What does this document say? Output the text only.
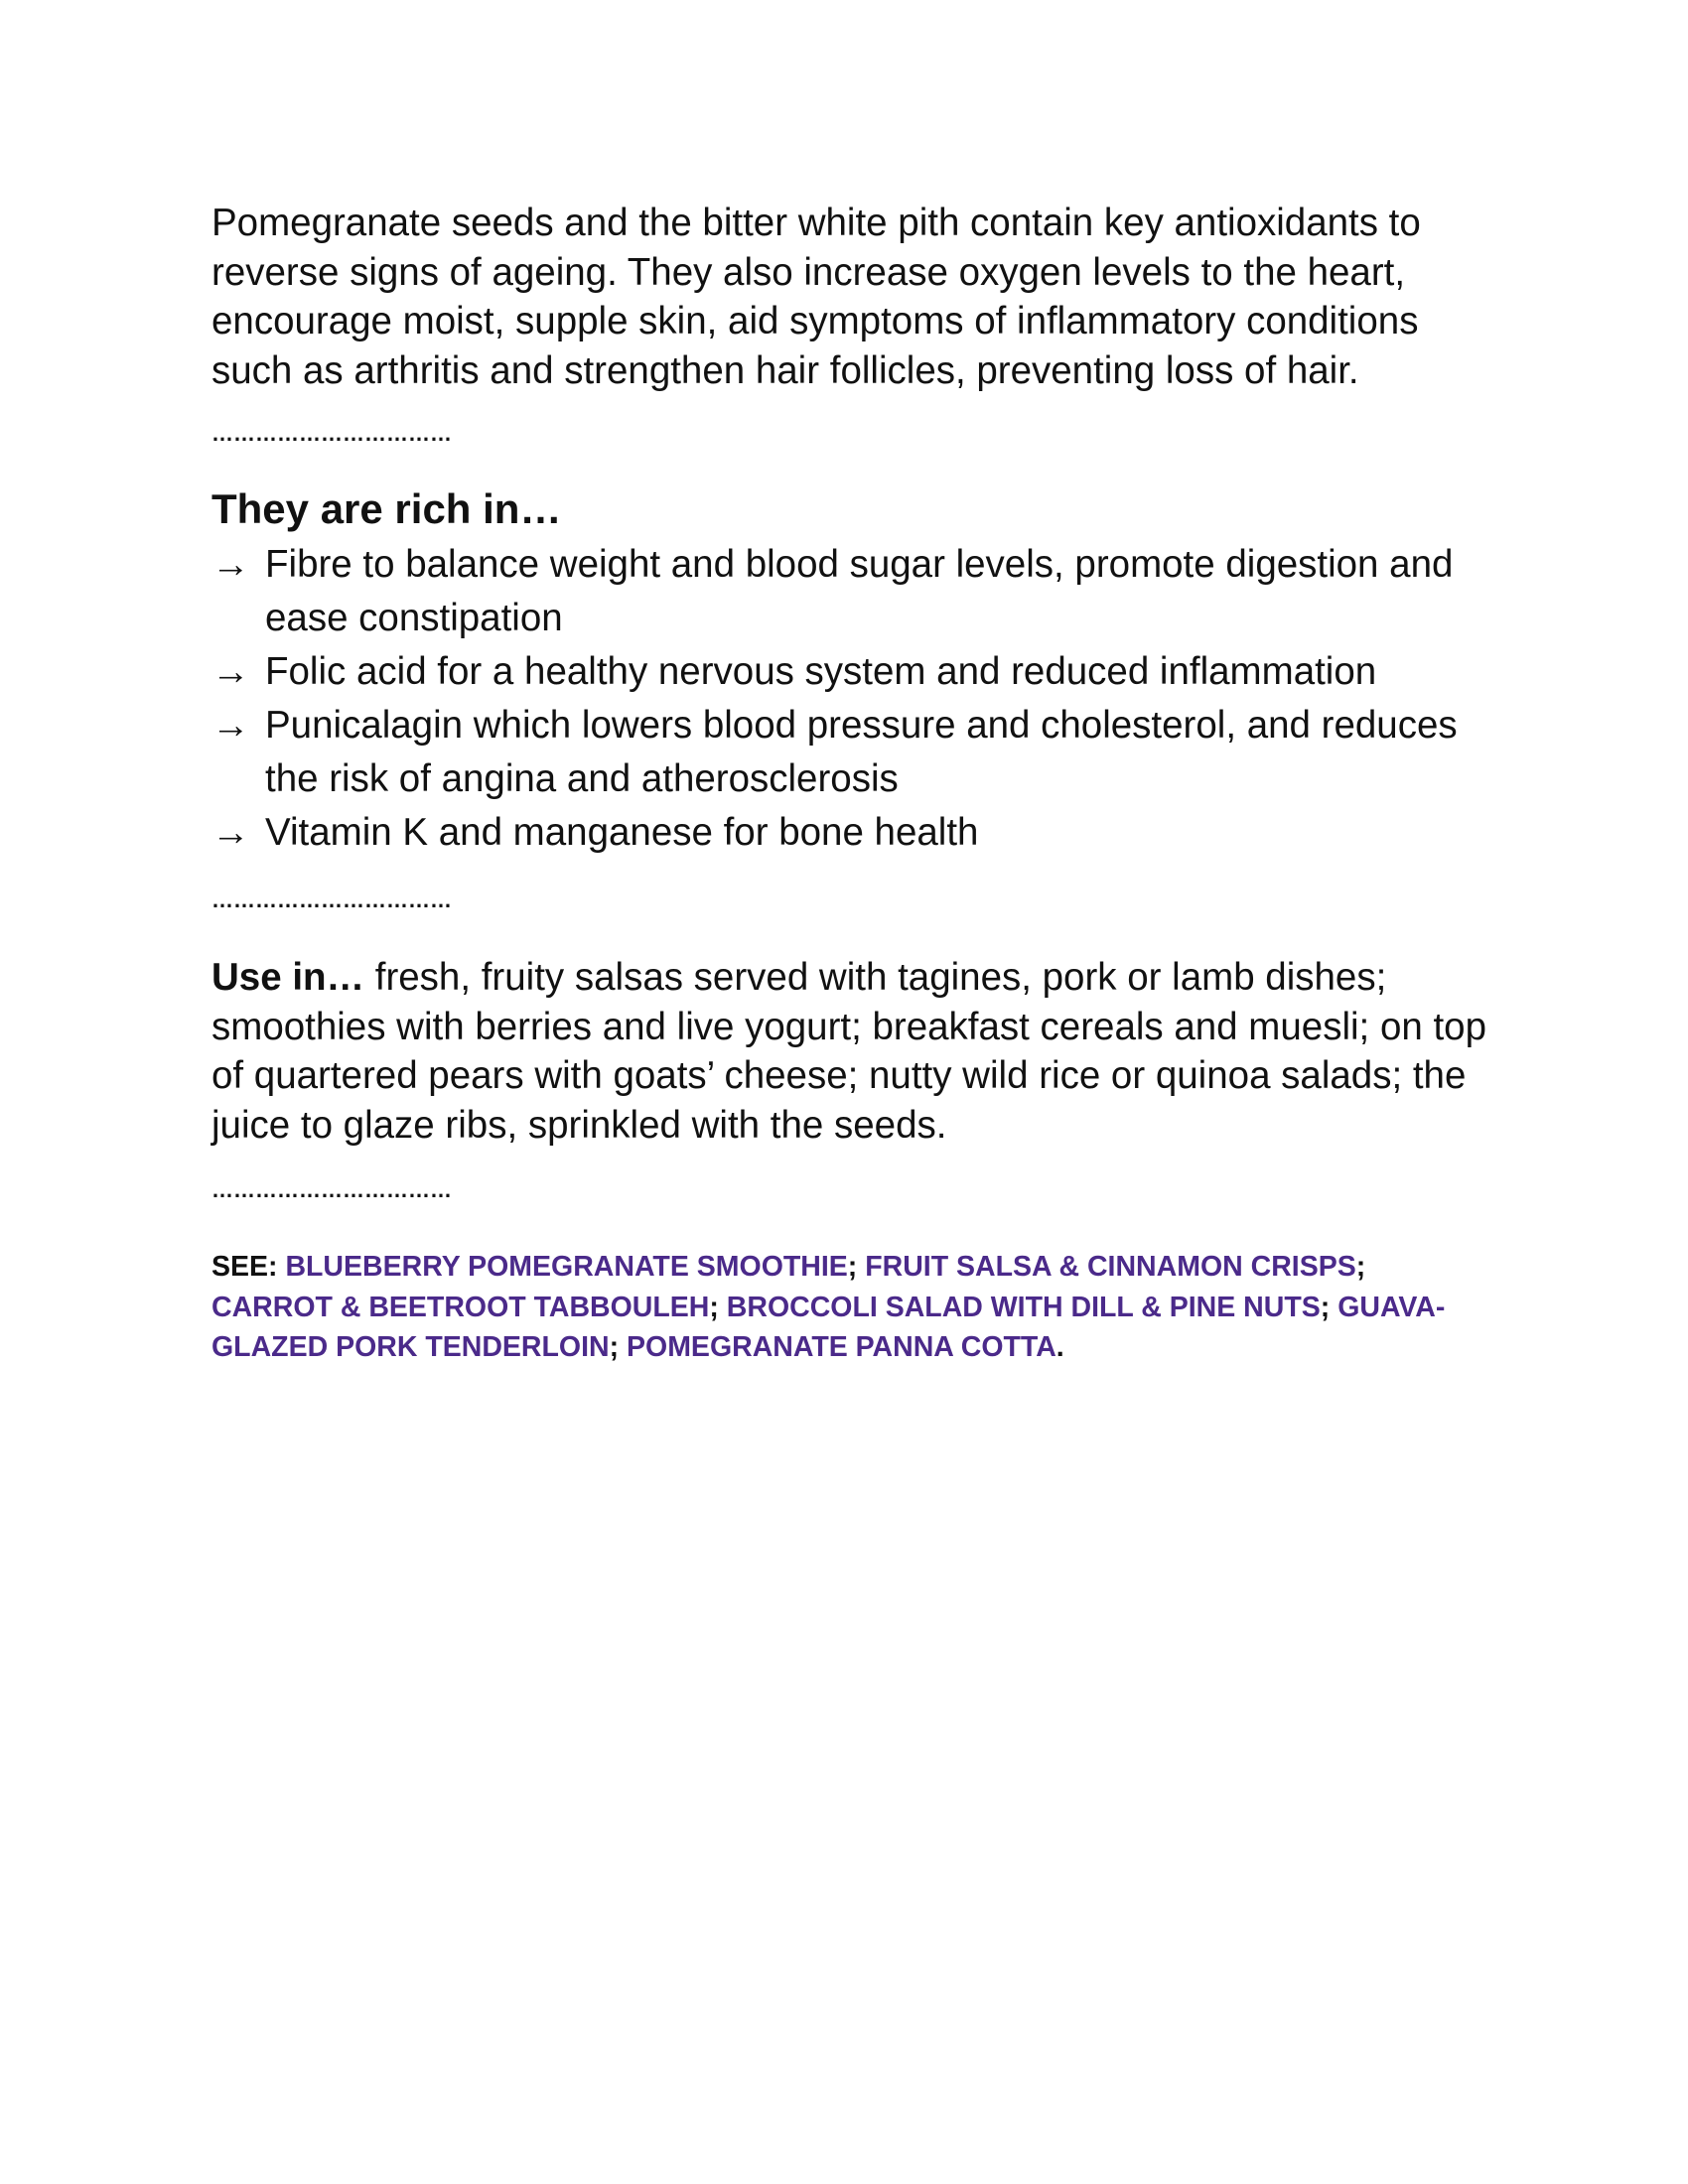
Pomegranate seeds and the bitter white pith contain key antioxidants to reverse signs of ageing. They also increase oxygen levels to the heart, encourage moist, supple skin, aid symptoms of inflammatory conditions such as arthritis and strengthen hair follicles, preventing loss of hair.

……………………………
They are rich in…
→ Fibre to balance weight and blood sugar levels, promote digestion and ease constipation
→ Folic acid for a healthy nervous system and reduced inflammation
→ Punicalagin which lowers blood pressure and cholesterol, and reduces the risk of angina and atherosclerosis
→ Vitamin K and manganese for bone health
……………………………

Use in… fresh, fruity salsas served with tagines, pork or lamb dishes; smoothies with berries and live yogurt; breakfast cereals and muesli; on top of quartered pears with goats’ cheese; nutty wild rice or quinoa salads; the juice to glaze ribs, sprinkled with the seeds.

……………………………

SEE: BLUEBERRY POMEGRANATE SMOOTHIE; FRUIT SALSA & CINNAMON CRISPS; CARROT & BEETROOT TABBOULEH; BROCCOLI SALAD WITH DILL & PINE NUTS; GUAVA-GLAZED PORK TENDERLOIN; POMEGRANATE PANNA COTTA.
